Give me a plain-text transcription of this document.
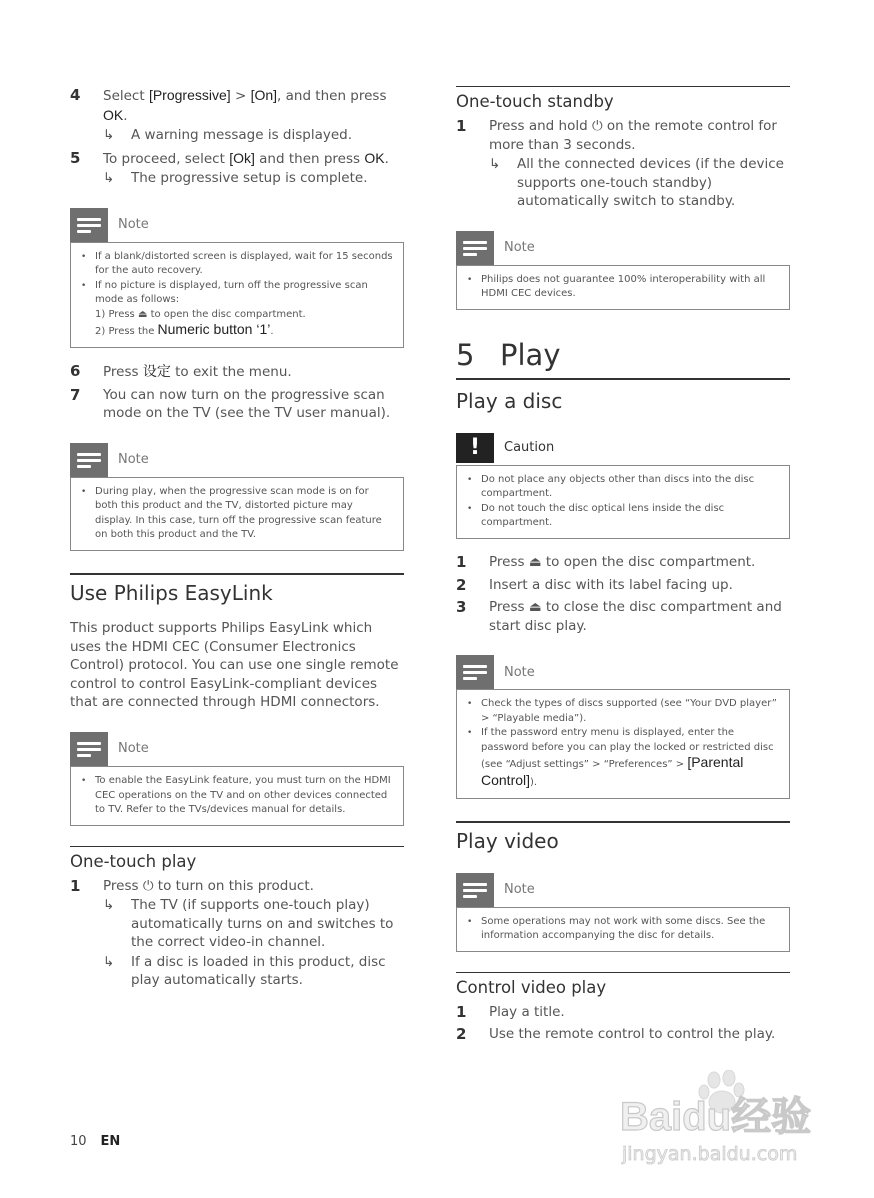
4	Select [Progressive] > [On], and then press OK.
↳	A warning message is displayed.
5	To proceed, select [Ok] and then press OK.
↳	The progressive setup is complete.
Note
• If a blank/distorted screen is displayed, wait for 15 seconds for the auto recovery.
• If no picture is displayed, turn off the progressive scan mode as follows:
1) Press ⏏ to open the disc compartment.
2) Press the Numeric button ‘1’.
6	Press 设定 to exit the menu.
7	You can now turn on the progressive scan mode on the TV (see the TV user manual).
Note
• During play, when the progressive scan mode is on for both this product and the TV, distorted picture may display. In this case, turn off the progressive scan feature on both this product and the TV.
Use Philips EasyLink
This product supports Philips EasyLink which uses the HDMI CEC (Consumer Electronics Control) protocol. You can use one single remote control to control EasyLink-compliant devices that are connected through HDMI connectors.
Note
• To enable the EasyLink feature, you must turn on the HDMI CEC operations on the TV and on other devices connected to TV. Refer to the TVs/devices manual for details.
One-touch play
1	Press ⏻ to turn on this product.
↳	The TV (if supports one-touch play) automatically turns on and switches to the correct video-in channel.
↳	If a disc is loaded in this product, disc play automatically starts.
One-touch standby
1	Press and hold ⏻ on the remote control for more than 3 seconds.
↳	All the connected devices (if the device supports one-touch standby) automatically switch to standby.
Note
• Philips does not guarantee 100% interoperability with all HDMI CEC devices.
5 Play
Play a disc
!	Caution
• Do not place any objects other than discs into the disc compartment.
• Do not touch the disc optical lens inside the disc compartment.
1	Press ⏏ to open the disc compartment.
2	Insert a disc with its label facing up.
3	Press ⏏ to close the disc compartment and start disc play.
Note
• Check the types of discs supported (see “Your DVD player” > “Playable media”).
• If the password entry menu is displayed, enter the password before you can play the locked or restricted disc (see “Adjust settings” > “Preferences” > [Parental Control]).
Play video
Note
• Some operations may not work with some discs. See the information accompanying the disc for details.
Control video play
1	Play a title.
2	Use the remote control to control the play.
10 EN
Baidu经验
jingyan.baidu.com
